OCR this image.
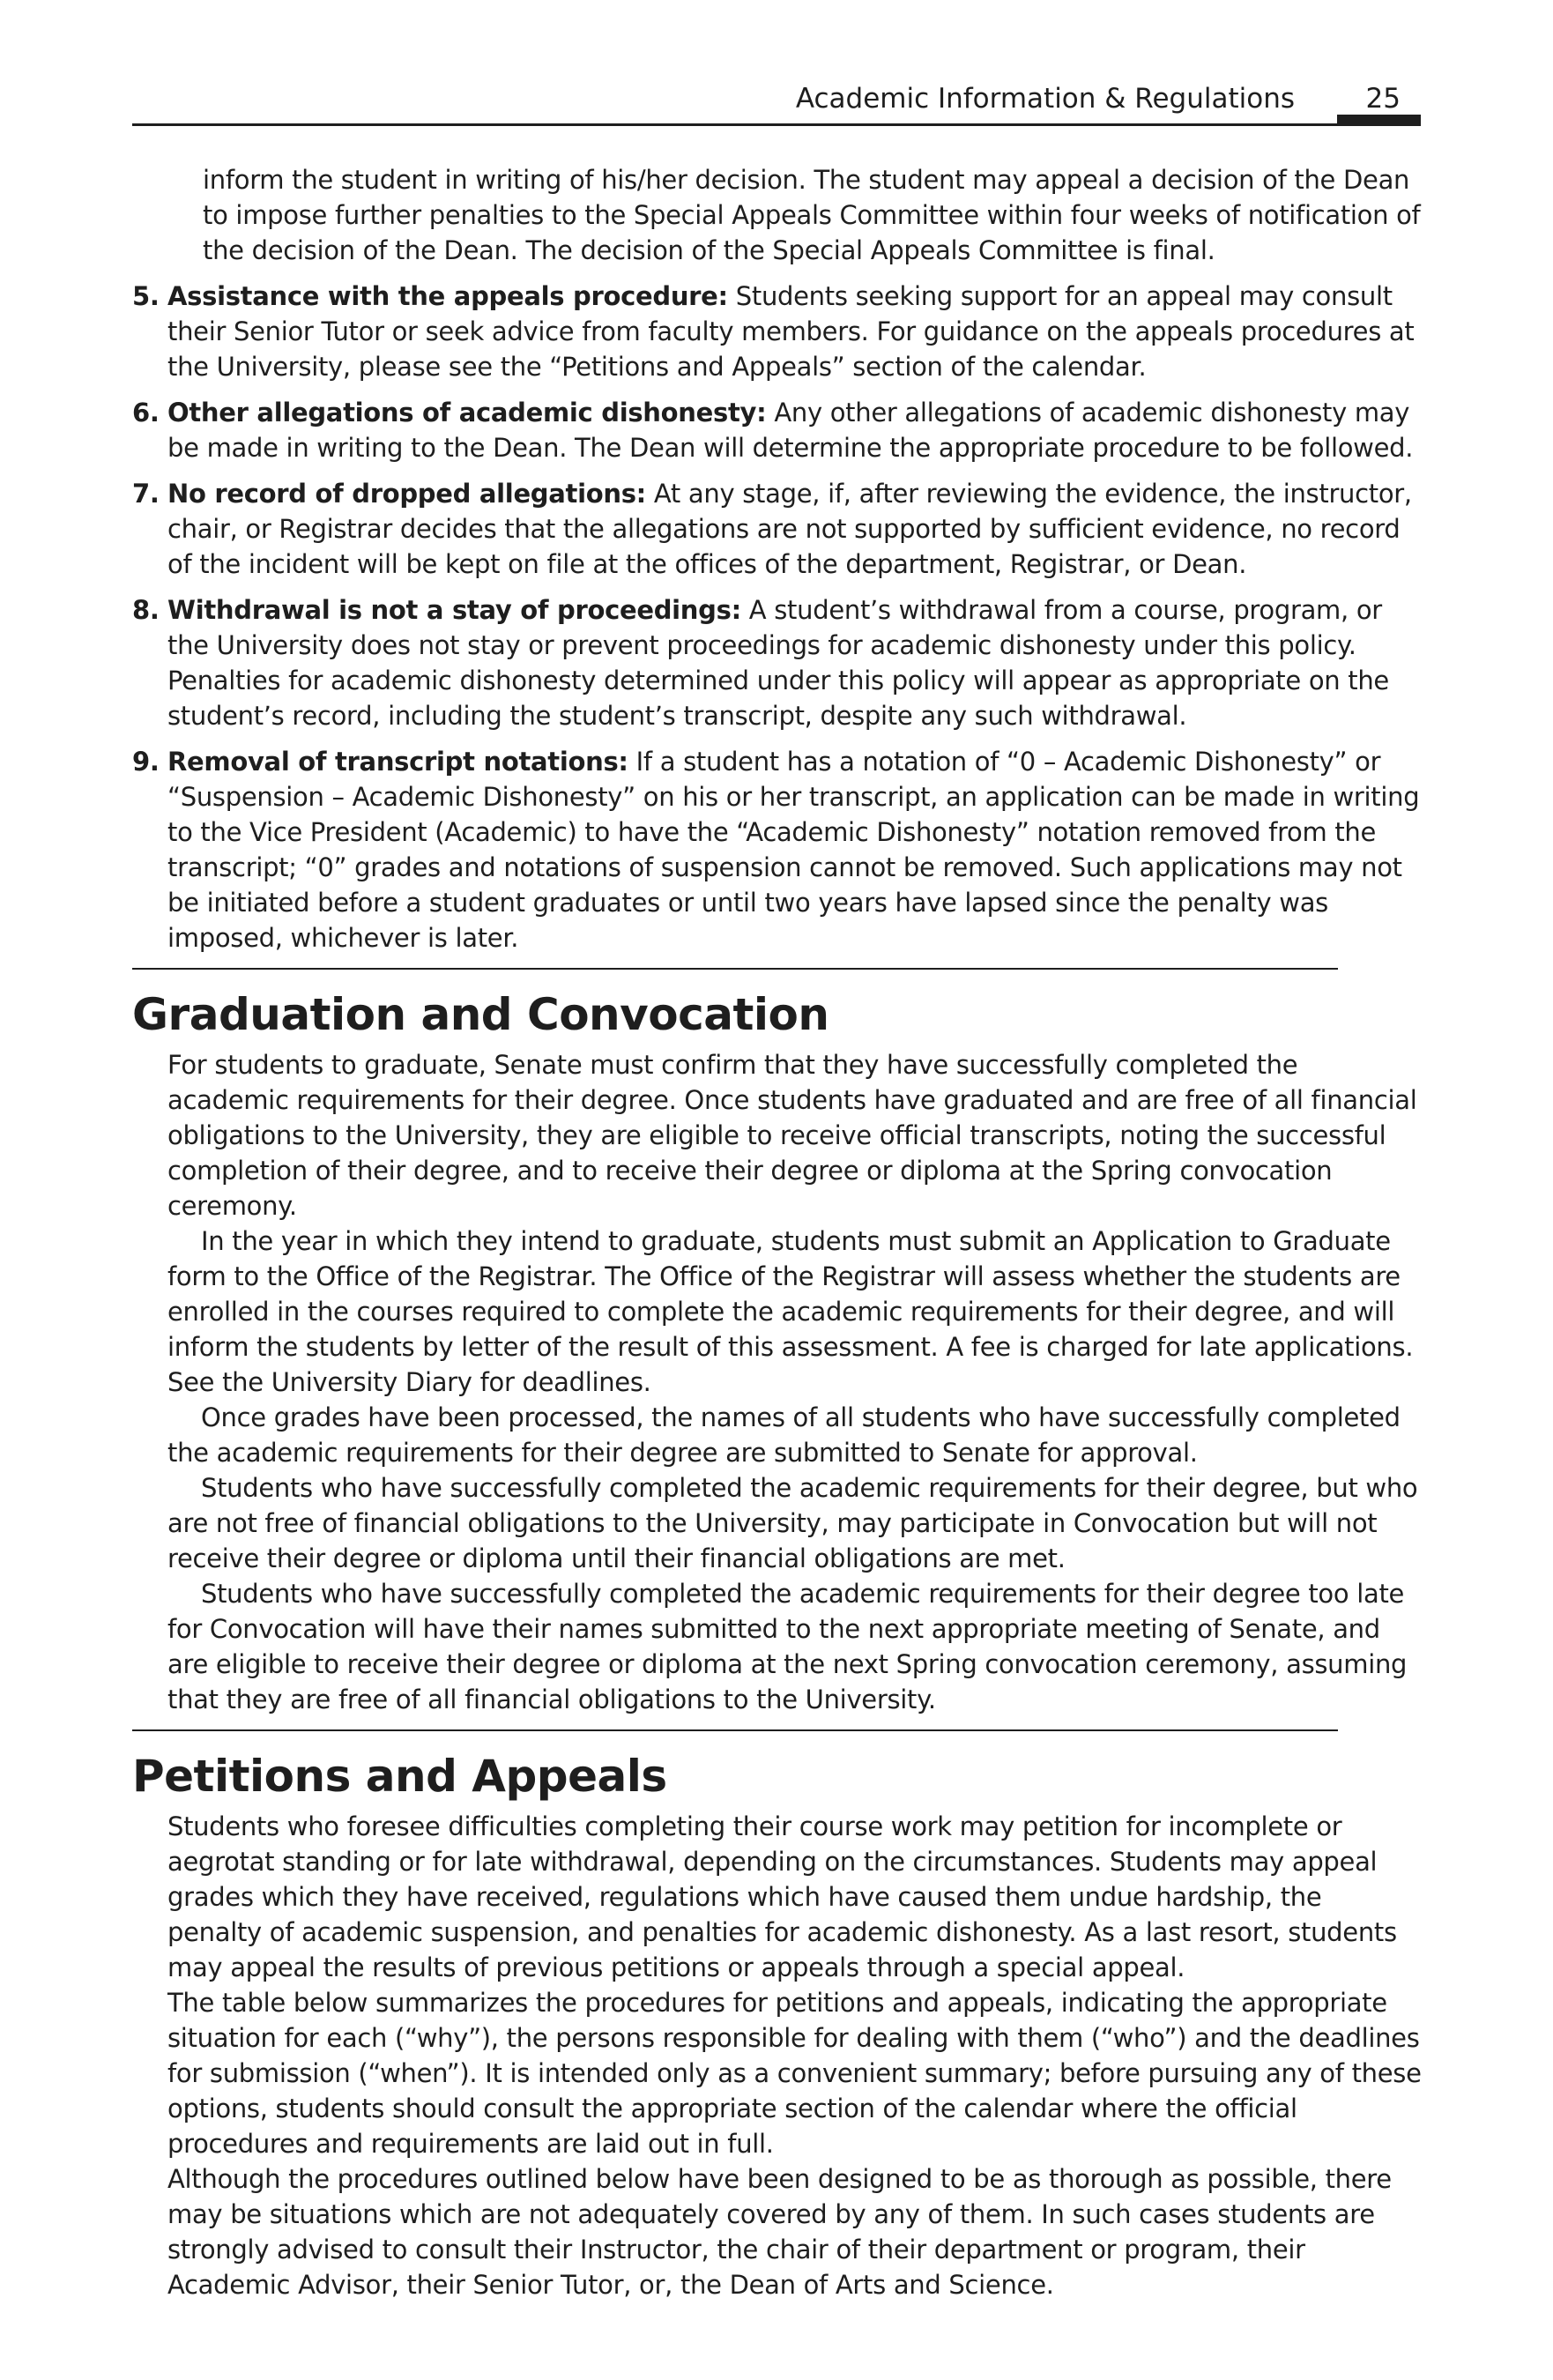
Academic Information & Regulations	25

inform the student in writing of his/her decision. The student may appeal a decision of the Dean to impose further penalties to the Special Appeals Committee within four weeks of notification of the decision of the Dean. The decision of the Special Appeals Committee is final.

5. Assistance with the appeals procedure: Students seeking support for an appeal may consult their Senior Tutor or seek advice from faculty members. For guidance on the appeals procedures at the University, please see the “Petitions and Appeals” section of the calendar.

6. Other allegations of academic dishonesty: Any other allegations of academic dishonesty may be made in writing to the Dean. The Dean will determine the appropriate procedure to be followed.

7. No record of dropped allegations: At any stage, if, after reviewing the evidence, the instructor, chair, or Registrar decides that the allegations are not supported by sufficient evidence, no record of the incident will be kept on file at the offices of the department, Registrar, or Dean.

8. Withdrawal is not a stay of proceedings: A student’s withdrawal from a course, program, or the University does not stay or prevent proceedings for academic dishonesty under this policy. Penalties for academic dishonesty determined under this policy will appear as appropriate on the student’s record, including the student’s transcript, despite any such withdrawal.

9. Removal of transcript notations: If a student has a notation of “0 – Academic Dishonesty” or “Suspension – Academic Dishonesty” on his or her transcript, an application can be made in writing to the Vice President (Academic) to have the “Academic Dishonesty” notation removed from the transcript; “0” grades and notations of suspension cannot be removed. Such applications may not be initiated before a student graduates or until two years have lapsed since the penalty was imposed, whichever is later.

Graduation and Convocation

For students to graduate, Senate must confirm that they have successfully completed the academic requirements for their degree. Once students have graduated and are free of all financial obligations to the University, they are eligible to receive official transcripts, noting the successful completion of their degree, and to receive their degree or diploma at the Spring convocation ceremony.

In the year in which they intend to graduate, students must submit an Application to Graduate form to the Office of the Registrar. The Office of the Registrar will assess whether the students are enrolled in the courses required to complete the academic requirements for their degree, and will inform the students by letter of the result of this assessment. A fee is charged for late applications. See the University Diary for deadlines.

Once grades have been processed, the names of all students who have successfully completed the academic requirements for their degree are submitted to Senate for approval.

Students who have successfully completed the academic requirements for their degree, but who are not free of financial obligations to the University, may participate in Convocation but will not receive their degree or diploma until their financial obligations are met.

Students who have successfully completed the academic requirements for their degree too late for Convocation will have their names submitted to the next appropriate meeting of Senate, and are eligible to receive their degree or diploma at the next Spring convocation ceremony, assuming that they are free of all financial obligations to the University.

Petitions and Appeals

Students who foresee difficulties completing their course work may petition for incomplete or aegrotat standing or for late withdrawal, depending on the circumstances. Students may appeal grades which they have received, regulations which have caused them undue hardship, the penalty of academic suspension, and penalties for academic dishonesty. As a last resort, students may appeal the results of previous petitions or appeals through a special appeal.

The table below summarizes the procedures for petitions and appeals, indicating the appropriate situation for each (“why”), the persons responsible for dealing with them (“who”) and the deadlines for submission (“when”). It is intended only as a convenient summary; before pursuing any of these options, students should consult the appropriate section of the calendar where the official procedures and requirements are laid out in full.

Although the procedures outlined below have been designed to be as thorough as possible, there may be situations which are not adequately covered by any of them. In such cases students are strongly advised to consult their Instructor, the chair of their department or program, their Academic Advisor, their Senior Tutor, or, the Dean of Arts and Science.
